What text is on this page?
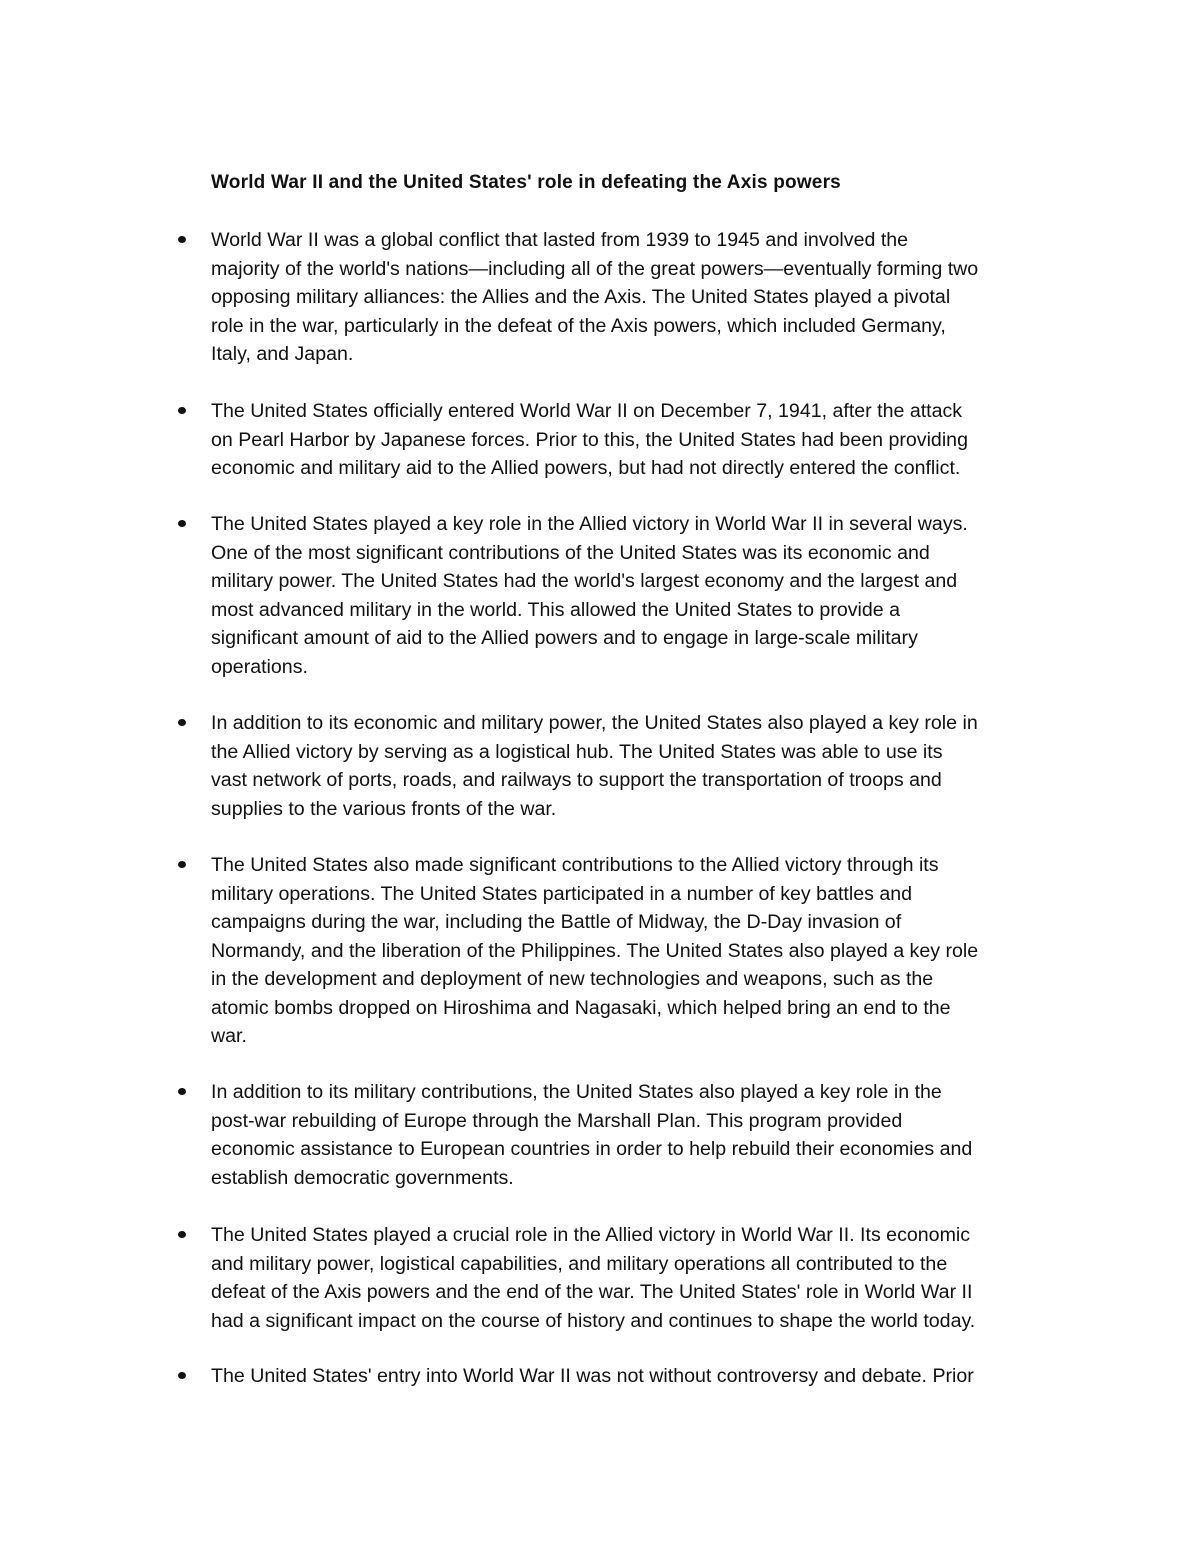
World War II and the United States' role in defeating the Axis powers
World War II was a global conflict that lasted from 1939 to 1945 and involved the
majority of the world's nations—including all of the great powers—eventually forming two
opposing military alliances: the Allies and the Axis. The United States played a pivotal
role in the war, particularly in the defeat of the Axis powers, which included Germany,
Italy, and Japan.
The United States officially entered World War II on December 7, 1941, after the attack
on Pearl Harbor by Japanese forces. Prior to this, the United States had been providing
economic and military aid to the Allied powers, but had not directly entered the conflict.
The United States played a key role in the Allied victory in World War II in several ways.
One of the most significant contributions of the United States was its economic and
military power. The United States had the world's largest economy and the largest and
most advanced military in the world. This allowed the United States to provide a
significant amount of aid to the Allied powers and to engage in large-scale military
operations.
In addition to its economic and military power, the United States also played a key role in
the Allied victory by serving as a logistical hub. The United States was able to use its
vast network of ports, roads, and railways to support the transportation of troops and
supplies to the various fronts of the war.
The United States also made significant contributions to the Allied victory through its
military operations. The United States participated in a number of key battles and
campaigns during the war, including the Battle of Midway, the D-Day invasion of
Normandy, and the liberation of the Philippines. The United States also played a key role
in the development and deployment of new technologies and weapons, such as the
atomic bombs dropped on Hiroshima and Nagasaki, which helped bring an end to the
war.
In addition to its military contributions, the United States also played a key role in the
post-war rebuilding of Europe through the Marshall Plan. This program provided
economic assistance to European countries in order to help rebuild their economies and
establish democratic governments.
The United States played a crucial role in the Allied victory in World War II. Its economic
and military power, logistical capabilities, and military operations all contributed to the
defeat of the Axis powers and the end of the war. The United States' role in World War II
had a significant impact on the course of history and continues to shape the world today.
The United States' entry into World War II was not without controversy and debate. Prior
